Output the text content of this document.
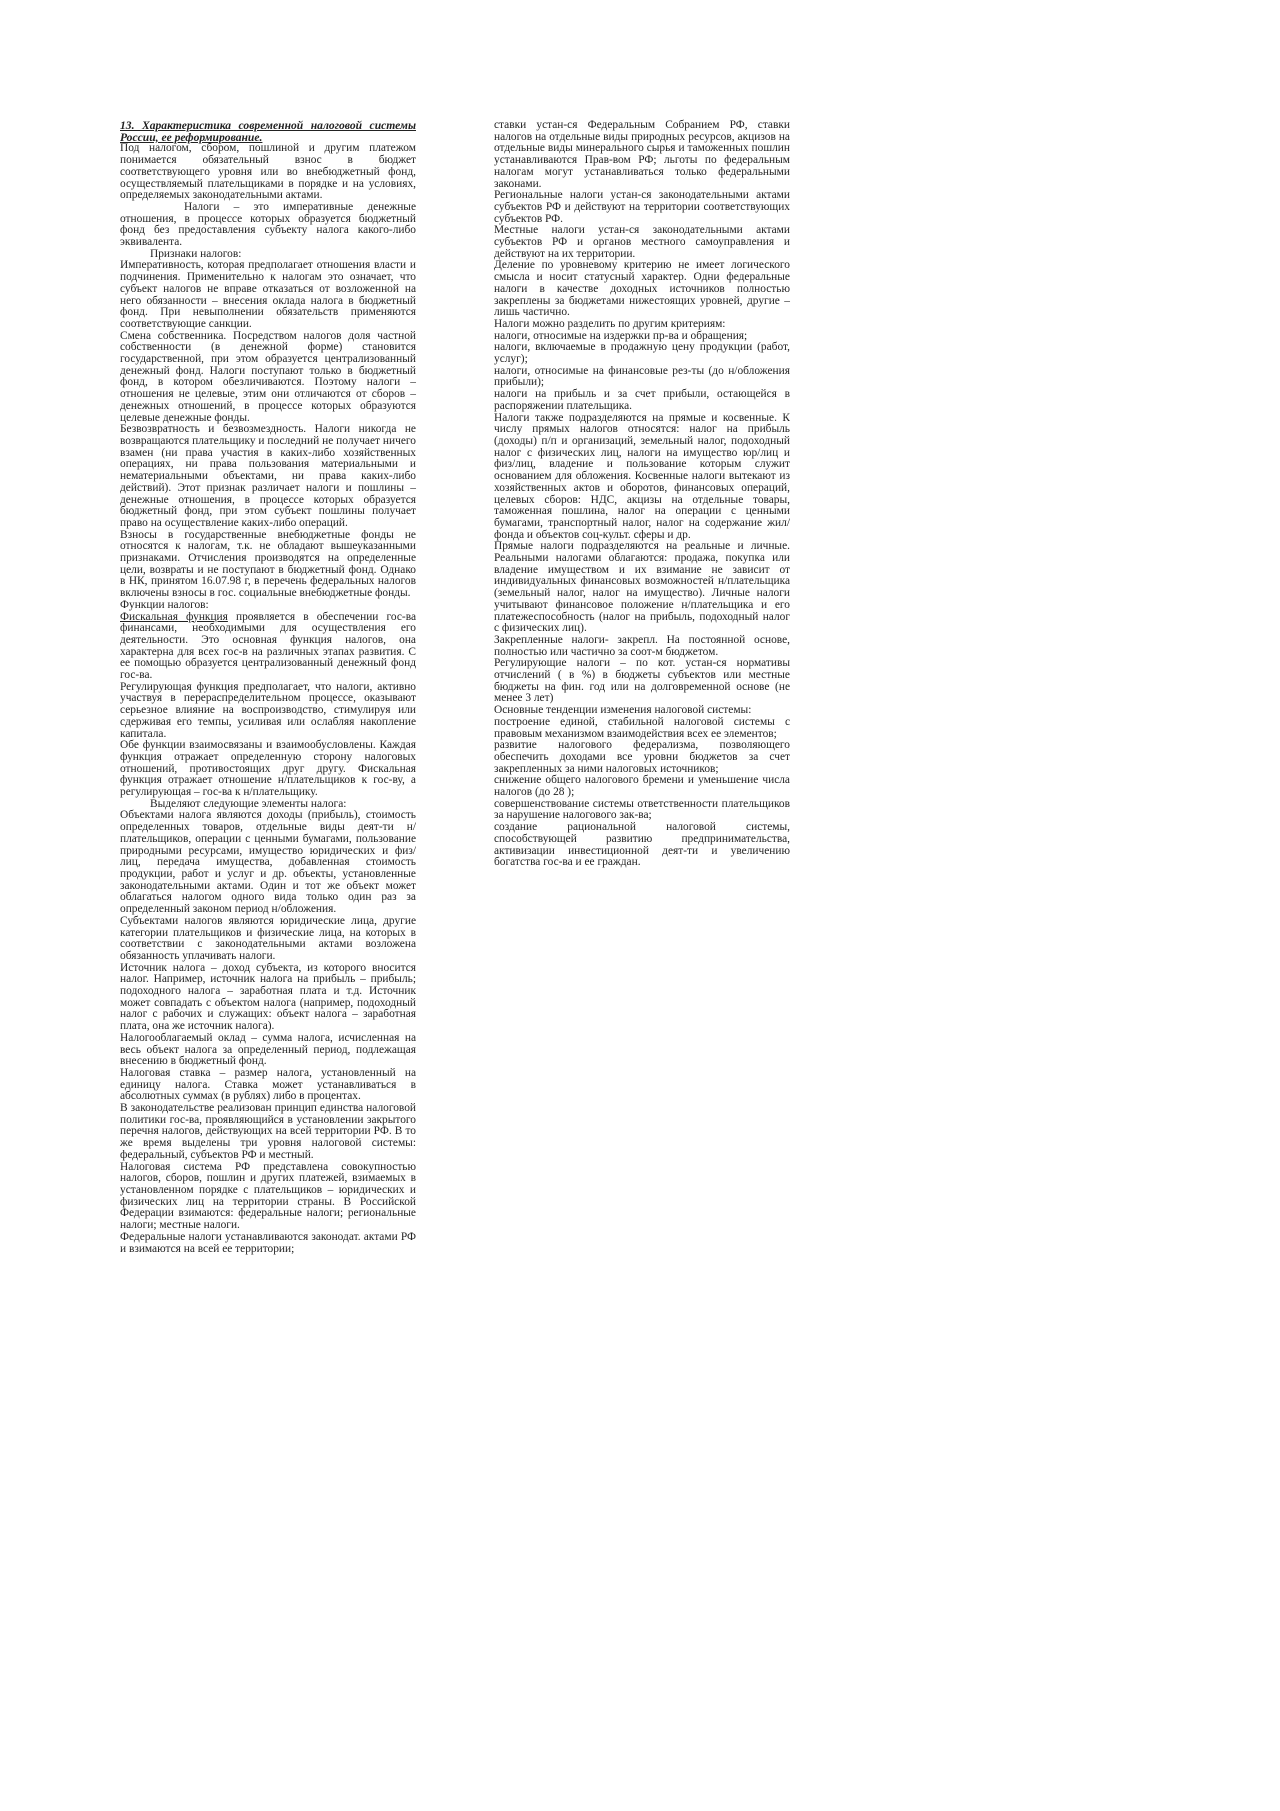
13. Характеристика современной налоговой системы России, ее реформирование.

Под налогом, сбором, пошлиной и другим платежом понимается обязательный взнос в бюджет соответствующего уровня или во внебюджетный фонд, осуществляемый плательщиками в порядке и на условиях, определяемых законодательными актами.

Налоги – это императивные денежные отношения, в процессе которых образуется бюджетный фонд без предоставления субъекту налога какого-либо эквивалента.

Признаки налогов:

Императивность, которая предполагает отношения власти и подчинения. Применительно к налогам это означает, что субъект налогов не вправе отказаться от возложенной на него обязанности – внесения оклада налога в бюджетный фонд. При невыполнении обязательств применяются соответствующие санкции.

Смена собственника. Посредством налогов доля частной собственности (в денежной форме) становится государственной, при этом образуется централизованный денежный фонд. Налоги поступают только в бюджетный фонд, в котором обезличиваются. Поэтому налоги – отношения не целевые, этим они отличаются от сборов – денежных отношений, в процессе которых образуются целевые денежные фонды.

Безвозвратность и безвозмездность. Налоги никогда не возвращаются плательщику и последний не получает ничего взамен (ни права участия в каких-либо хозяйственных операциях, ни права пользования материальными и нематериальными объектами, ни права каких-либо действий). Этот признак различает налоги и пошлины – денежные отношения, в процессе которых образуется бюджетный фонд, при этом субъект пошлины получает право на осуществление каких-либо операций.

Взносы в государственные внебюджетные фонды не относятся к налогам, т.к. не обладают вышеуказанными признаками. Отчисления производятся на определенные цели, возвраты и не поступают в бюджетный фонд. Однако в НК, принятом 16.07.98 г, в перечень федеральных налогов включены взносы в гос. социальные внебюджетные фонды.

Функции налогов:

Фискальная функция проявляется в обеспечении гос-ва финансами, необходимыми для осуществления его деятельности. Это основная функция налогов, она характерна для всех гос-в на различных этапах развития. С ее помощью образуется централизованный денежный фонд гос-ва.

Регулирующая функция предполагает, что налоги, активно участвуя в перераспределительном процессе, оказывают серьезное влияние на воспроизводство, стимулируя или сдерживая его темпы, усиливая или ослабляя накопление капитала.

Обе функции взаимосвязаны и взаимообусловлены. Каждая функция отражает определенную сторону налоговых отношений, противостоящих друг другу. Фискальная функция отражает отношение н/плательщиков к гос-ву, а регулирующая – гос-ва к н/плательщику.

Выделяют следующие элементы налога:

Объектами налога являются доходы (прибыль), стоимость определенных товаров, отдельные виды деят-ти н/плательщиков, операции с ценными бумагами, пользование природными ресурсами, имущество юридических и физ/лиц, передача имущества, добавленная стоимость продукции, работ и услуг и др. объекты, установленные законодательными актами. Один и тот же объект может облагаться налогом одного вида только один раз за определенный законом период н/обложения.

Субъектами налогов являются юридические лица, другие категории плательщиков и физические лица, на которых в соответствии с законодательными актами возложена обязанность уплачивать налоги.

Источник налога – доход субъекта, из которого вносится налог. Например, источник налога на прибыль – прибыль; подоходного налога – заработная плата и т.д. Источник может совпадать с объектом налога (например, подоходный налог с рабочих и служащих: объект налога – заработная плата, она же источник налога).

Налогооблагаемый оклад – сумма налога, исчисленная на весь объект налога за определенный период, подлежащая внесению в бюджетный фонд.

Налоговая ставка – размер налога, установленный на единицу налога. Ставка может устанавливаться в абсолютных суммах (в рублях) либо в процентах.

В законодательстве реализован принцип единства налоговой политики гос-ва, проявляющийся в установлении закрытого перечня налогов, действующих на всей территории РФ. В то же время выделены три уровня налоговой системы: федеральный, субъектов РФ и местный.

Налоговая система РФ представлена совокупностью налогов, сборов, пошлин и других платежей, взимаемых в установленном порядке с плательщиков – юридических и физических лиц на территории страны. В Российской Федерации взимаются: федеральные налоги; региональные налоги; местные налоги.

Федеральные налоги устанавливаются законодат. актами РФ и взимаются на всей ее территории;

ставки устан-ся Федеральным Собранием РФ, ставки налогов на отдельные виды природных ресурсов, акцизов на отдельные виды минерального сырья и таможенных пошлин устанавливаются Прав-вом РФ; льготы по федеральным налогам могут устанавливаться только федеральными законами.

Региональные налоги устан-ся законодательными актами субъектов РФ и действуют на территории соответствующих субъектов РФ.

Местные налоги устан-ся законодательными актами субъектов РФ и органов местного самоуправления и действуют на их территории.

Деление по уровневому критерию не имеет логического смысла и носит статусный характер. Одни федеральные налоги в качестве доходных источников полностью закреплены за бюджетами нижестоящих уровней, другие – лишь частично.

Налоги можно разделить по другим критериям:

налоги, относимые на издержки пр-ва и обращения;

налоги, включаемые в продажную цену продукции (работ, услуг);

налоги, относимые на финансовые рез-ты (до н/обложения прибыли);

налоги на прибыль и за счет прибыли, остающейся в распоряжении плательщика.

Налоги также подразделяются на прямые и косвенные. К числу прямых налогов относятся: налог на прибыль (доходы) п/п и организаций, земельный налог, подоходный налог с физических лиц, налоги на имущество юр/лиц и физ/лиц, владение и пользование которым служит основанием для обложения. Косвенные налоги вытекают из хозяйственных актов и оборотов, финансовых операций, целевых сборов: НДС, акцизы на отдельные товары, таможенная пошлина, налог на операции с ценными бумагами, транспортный налог, налог на содержание жил/фонда и объектов соц-культ. сферы и др.

Прямые налоги подразделяются на реальные и личные. Реальными налогами облагаются: продажа, покупка или владение имуществом и их взимание не зависит от индивидуальных финансовых возможностей н/плательщика (земельный налог, налог на имущество). Личные налоги учитывают финансовое положение н/плательщика и его платежеспособность (налог на прибыль, подоходный налог с физических лиц).

Закрепленные налоги- закрепл. На постоянной основе, полностью или частично за соот-м бюджетом.

Регулирующие налоги – по кот. устан-ся нормативы отчислений ( в %) в бюджеты субъектов или местные бюджеты на фин. год или на долговременной основе (не менее 3 лет)

Основные тенденции изменения налоговой системы:

построение единой, стабильной налоговой системы с правовым механизмом взаимодействия всех ее элементов;

развитие налогового федерализма, позволяющего обеспечить доходами все уровни бюджетов за счет закрепленных за ними налоговых источников;

снижение общего налогового бремени и уменьшение числа налогов (до 28 );

совершенствование системы ответственности плательщиков за нарушение налогового зак-ва;

создание рациональной налоговой системы, способствующей развитию предпринимательства, активизации инвестиционной деят-ти и увеличению богатства гос-ва и ее граждан.
